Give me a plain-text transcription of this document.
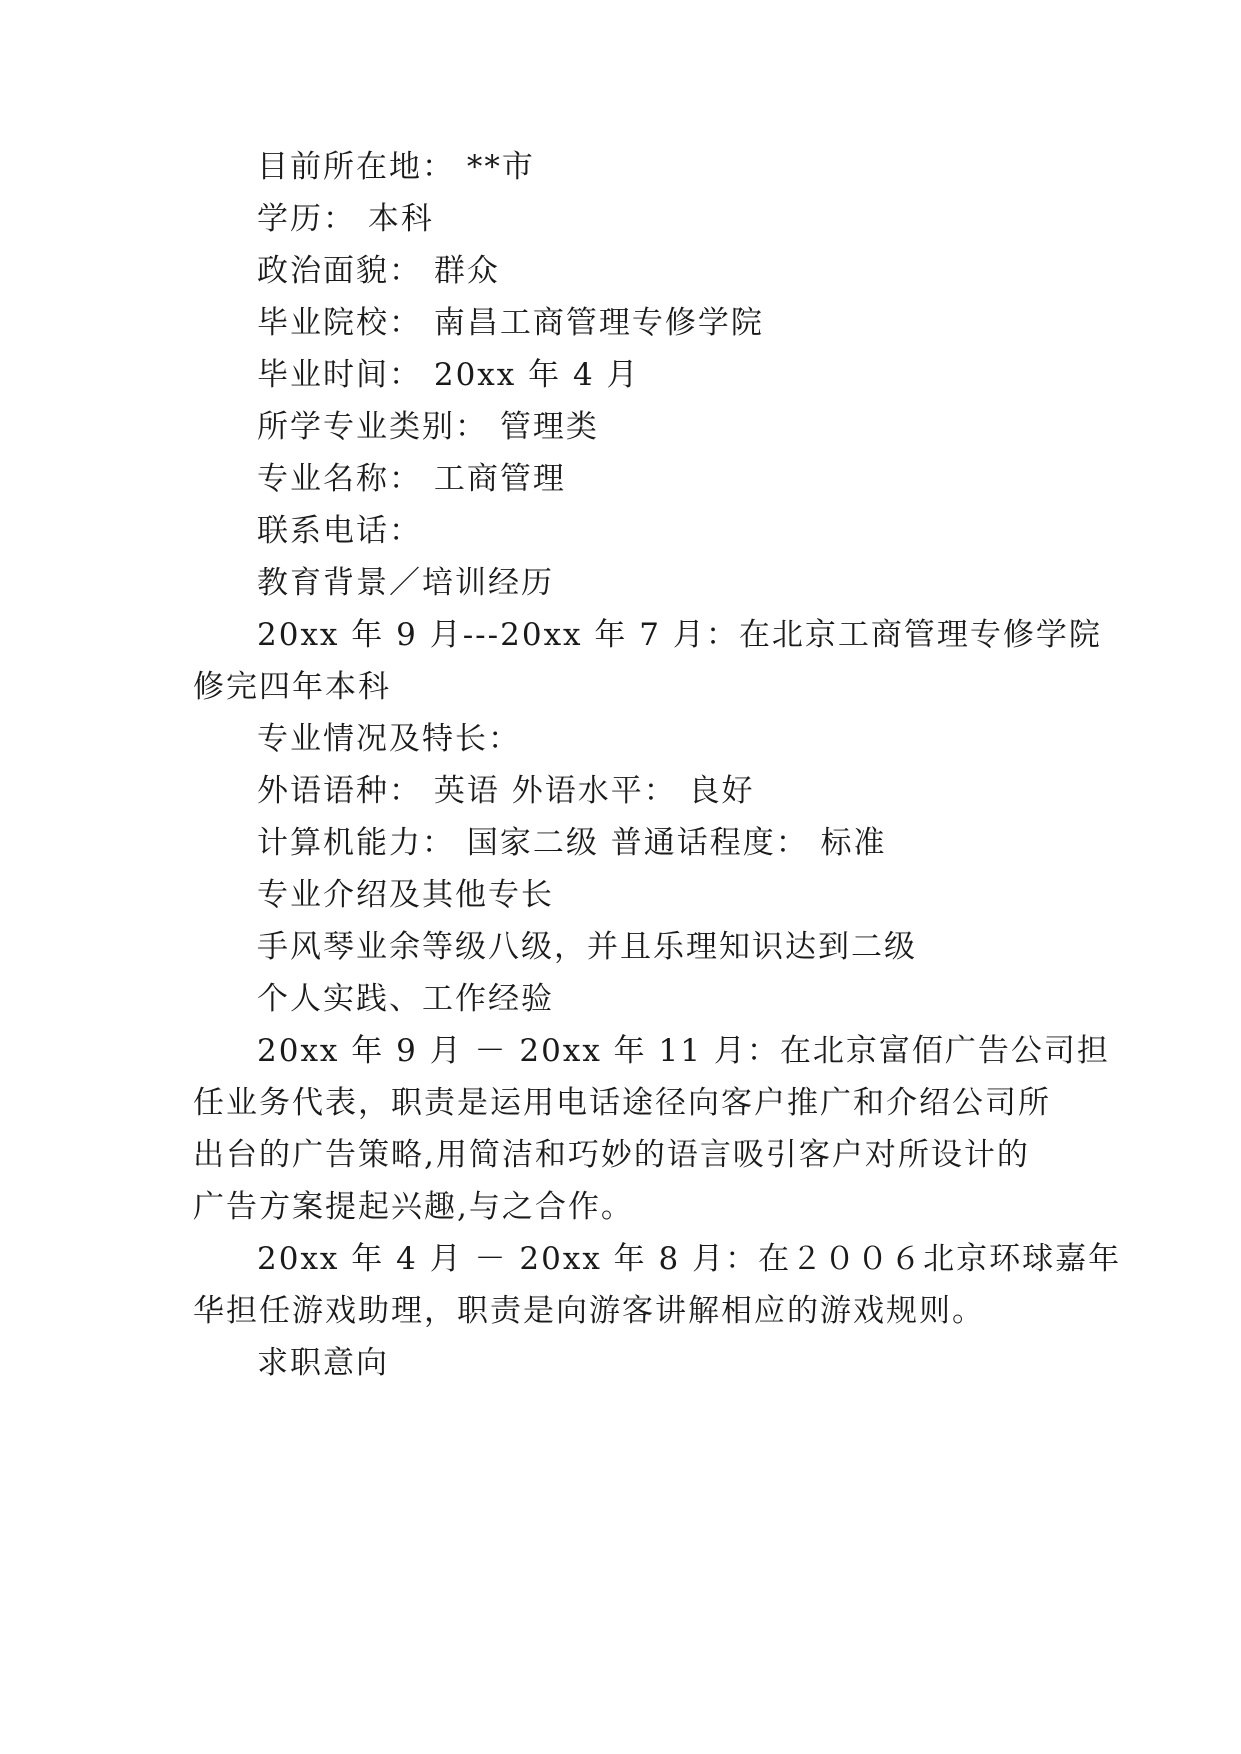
目前所在地： **市
学历： 本科
政治面貌： 群众
毕业院校： 南昌工商管理专修学院
毕业时间： 20xx 年 4 月
所学专业类别： 管理类
专业名称： 工商管理
联系电话：
教育背景／培训经历
20xx 年 9 月---20xx 年 7 月：在北京工商管理专修学院
修完四年本科
专业情况及特长：
外语语种： 英语 外语水平： 良好
计算机能力： 国家二级 普通话程度： 标准
专业介绍及其他专长
手风琴业余等级八级，并且乐理知识达到二级
个人实践、工作经验
20xx 年 9 月 － 20xx 年 11 月：在北京富佰广告公司担
任业务代表，职责是运用电话途径向客户推广和介绍公司所
出台的广告策略,用简洁和巧妙的语言吸引客户对所设计的
广告方案提起兴趣,与之合作。
20xx 年 4 月 － 20xx 年 8 月：在２００６北京环球嘉年
华担任游戏助理，职责是向游客讲解相应的游戏规则。
求职意向
